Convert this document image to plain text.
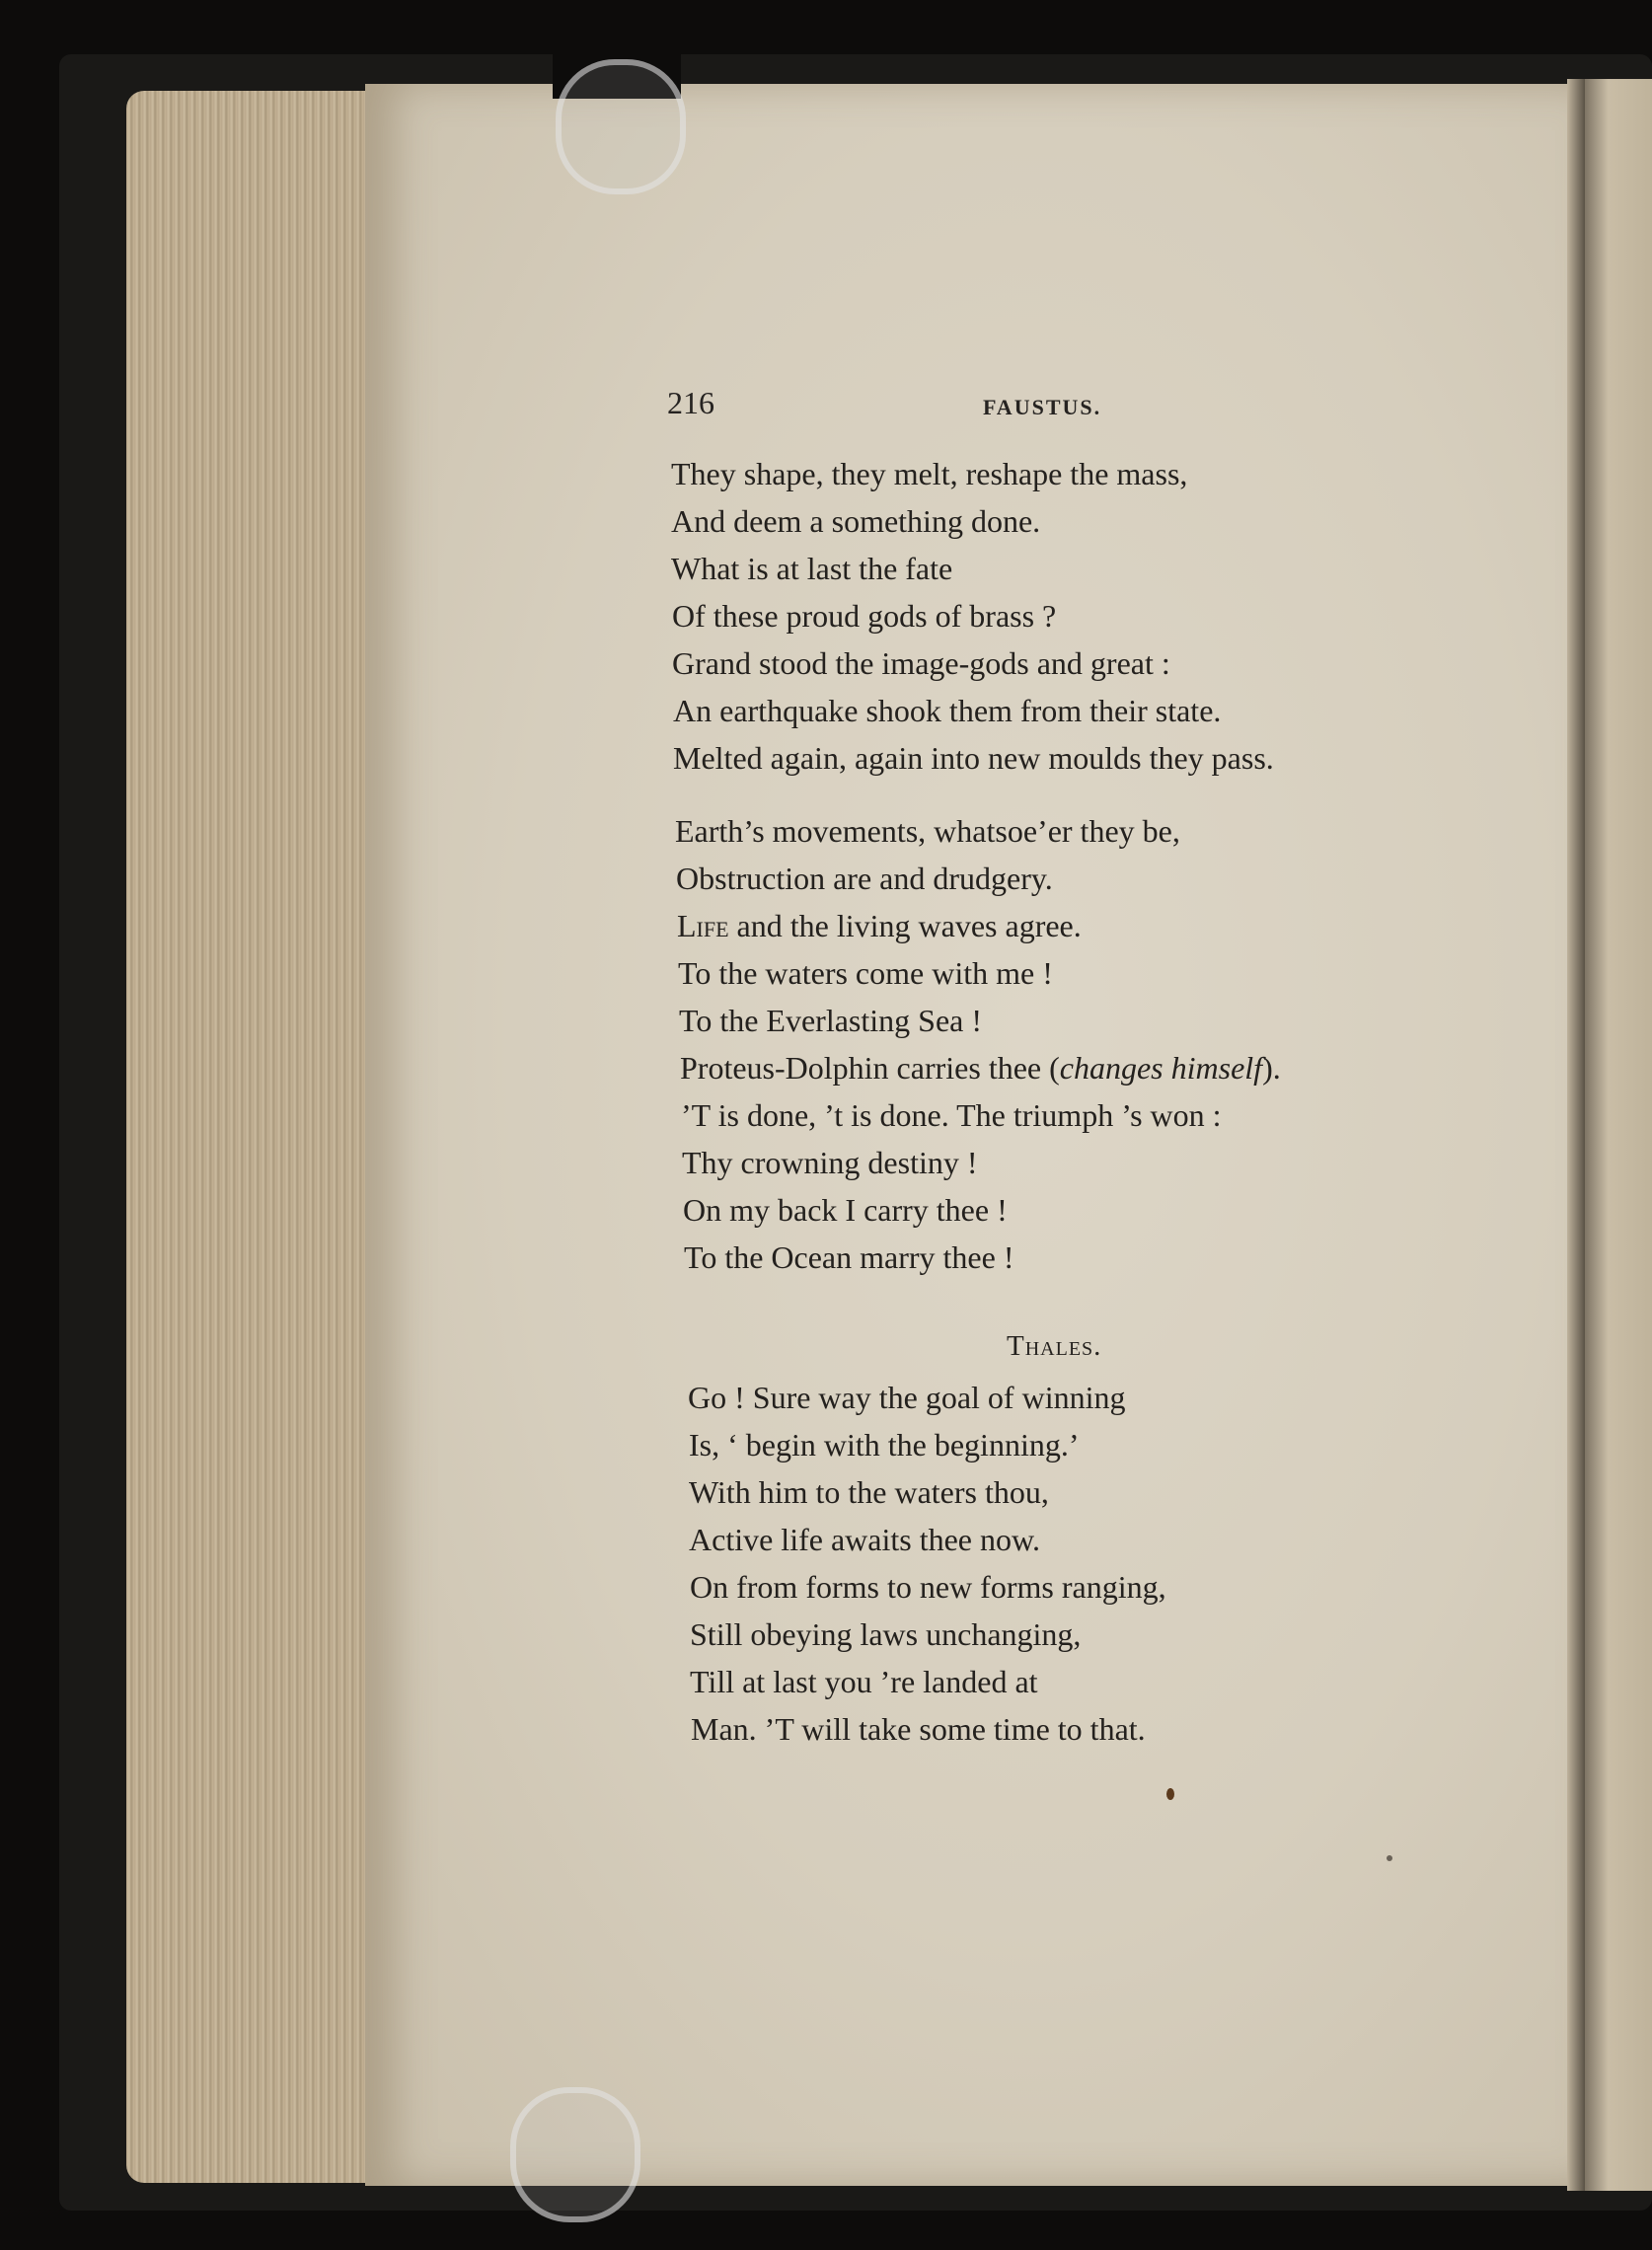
216	FAUSTUS.
They shape, they melt, reshape the mass,
And deem a something done.
What is at last the fate
Of these proud gods of brass ?
Grand stood the image-gods and great :
An earthquake shook them from their state.
Melted again, again into new moulds they pass.
Earth’s movements, whatsoe’er they be,
Obstruction are and drudgery.
Life and the living waves agree.
To the waters come with me !
To the Everlasting Sea !
Proteus-Dolphin carries thee (changes himself).
’T is done, ’t is done. The triumph ’s won :
Thy crowning destiny !
On my back I carry thee !
To the Ocean marry thee !
Thales.
Go ! Sure way the goal of winning
Is, ‘ begin with the beginning.’
With him to the waters thou,
Active life awaits thee now.
On from forms to new forms ranging,
Still obeying laws unchanging,
Till at last you ’re landed at
Man. ’T will take some time to that.
